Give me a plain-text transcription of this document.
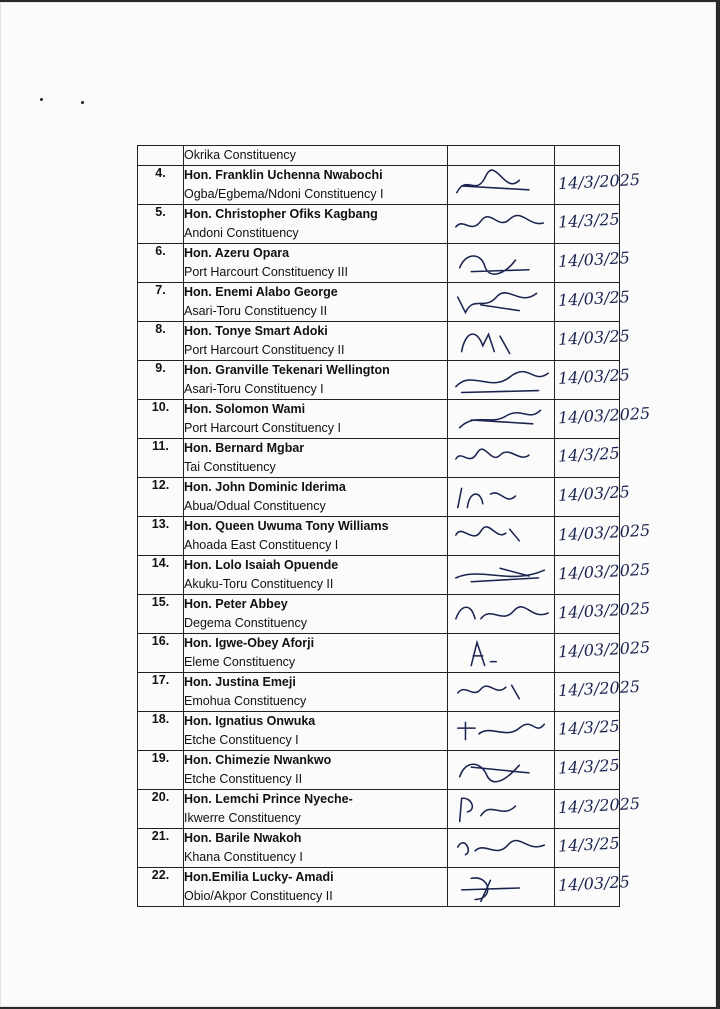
	Okrika Constituency		

4.	Hon. Franklin Uchenna Nwabochi
Ogba/Egbema/Ndoni Constituency I		14/3/2025

5.	Hon. Christopher Ofiks Kagbang
Andoni Constituency		14/3/25

6.	Hon. Azeru Opara
Port Harcourt Constituency III		14/03/25

7.	Hon. Enemi Alabo George
Asari-Toru Constituency II		14/03/25

8.	Hon. Tonye Smart Adoki
Port Harcourt Constituency II		14/03/25

9.	Hon. Granville Tekenari Wellington
Asari-Toru Constituency I		14/03/25

10.	Hon. Solomon Wami
Port Harcourt Constituency I		14/03/2025

11.	Hon. Bernard Mgbar
Tai Constituency		14/3/25

12.	Hon. John Dominic Iderima
Abua/Odual Constituency		14/03/25

13.	Hon. Queen Uwuma Tony Williams
Ahoada East Constituency I		14/03/2025

14.	Hon. Lolo Isaiah Opuende
Akuku-Toru Constituency II		14/03/2025

15.	Hon. Peter Abbey
Degema Constituency		14/03/2025

16.	Hon. Igwe-Obey Aforji
Eleme Constituency		14/03/2025

17.	Hon. Justina Emeji
Emohua Constituency		14/3/2025

18.	Hon. Ignatius Onwuka
Etche Constituency I		14/3/25

19.	Hon. Chimezie Nwankwo
Etche Constituency II		14/3/25

20.	Hon. Lemchi Prince Nyeche-
Ikwerre Constituency		14/3/2025

21.	Hon. Barile Nwakoh
Khana Constituency I		14/3/25

22.	Hon.Emilia Lucky- Amadi
Obio/Akpor Constituency II		14/03/25
